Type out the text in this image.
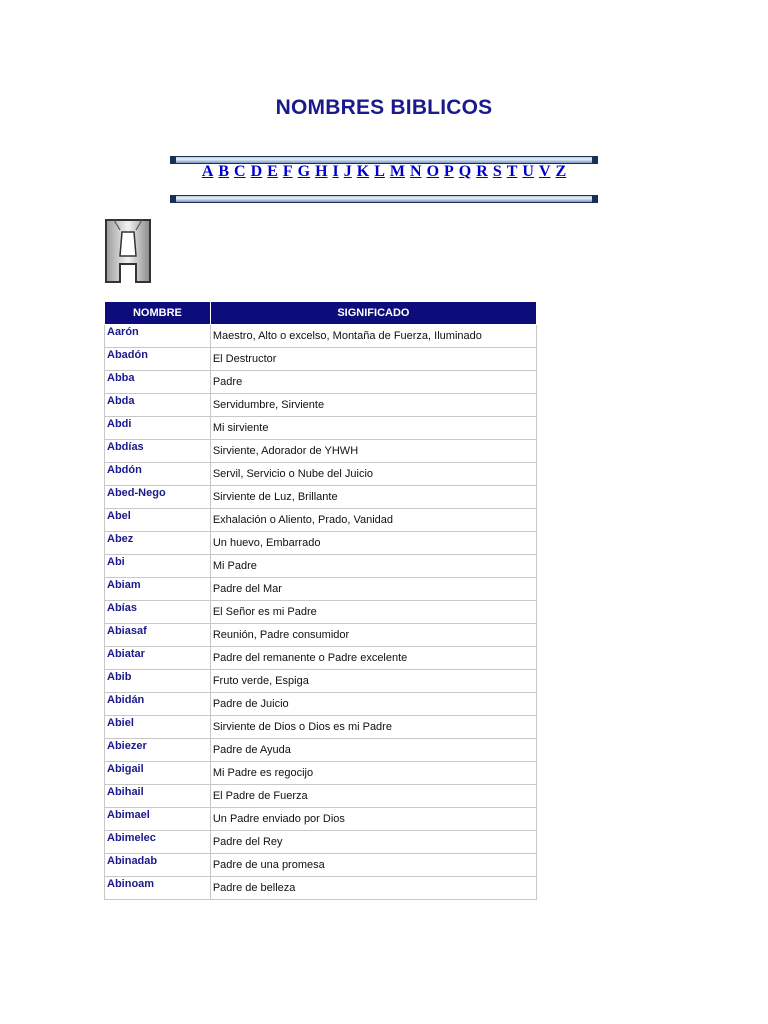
NOMBRES BIBLICOS
A B C D E F G H I J K L M N O P Q R S T U V Z
NOMBRE	SIGNIFICADO
Aarón	Maestro, Alto o excelso, Montaña de Fuerza, Iluminado
Abadón	El Destructor
Abba	Padre
Abda	Servidumbre, Sirviente
Abdi	Mi sirviente
Abdías	Sirviente, Adorador de YHWH
Abdón	Servil, Servicio o Nube del Juicio
Abed-Nego	Sirviente de Luz, Brillante
Abel	Exhalación o Aliento, Prado, Vanidad
Abez	Un huevo, Embarrado
Abi	Mi Padre
Abiam	Padre del Mar
Abías	El Señor es mi Padre
Abiasaf	Reunión, Padre consumidor
Abiatar	Padre del remanente o Padre excelente
Abib	Fruto verde, Espiga
Abidán	Padre de Juicio
Abiel	Sirviente de Dios o Dios es mi Padre
Abiezer	Padre de Ayuda
Abigail	Mi Padre es regocijo
Abihail	El Padre de Fuerza
Abimael	Un Padre enviado por Dios
Abimelec	Padre del Rey
Abinadab	Padre de una promesa
Abinoam	Padre de belleza
